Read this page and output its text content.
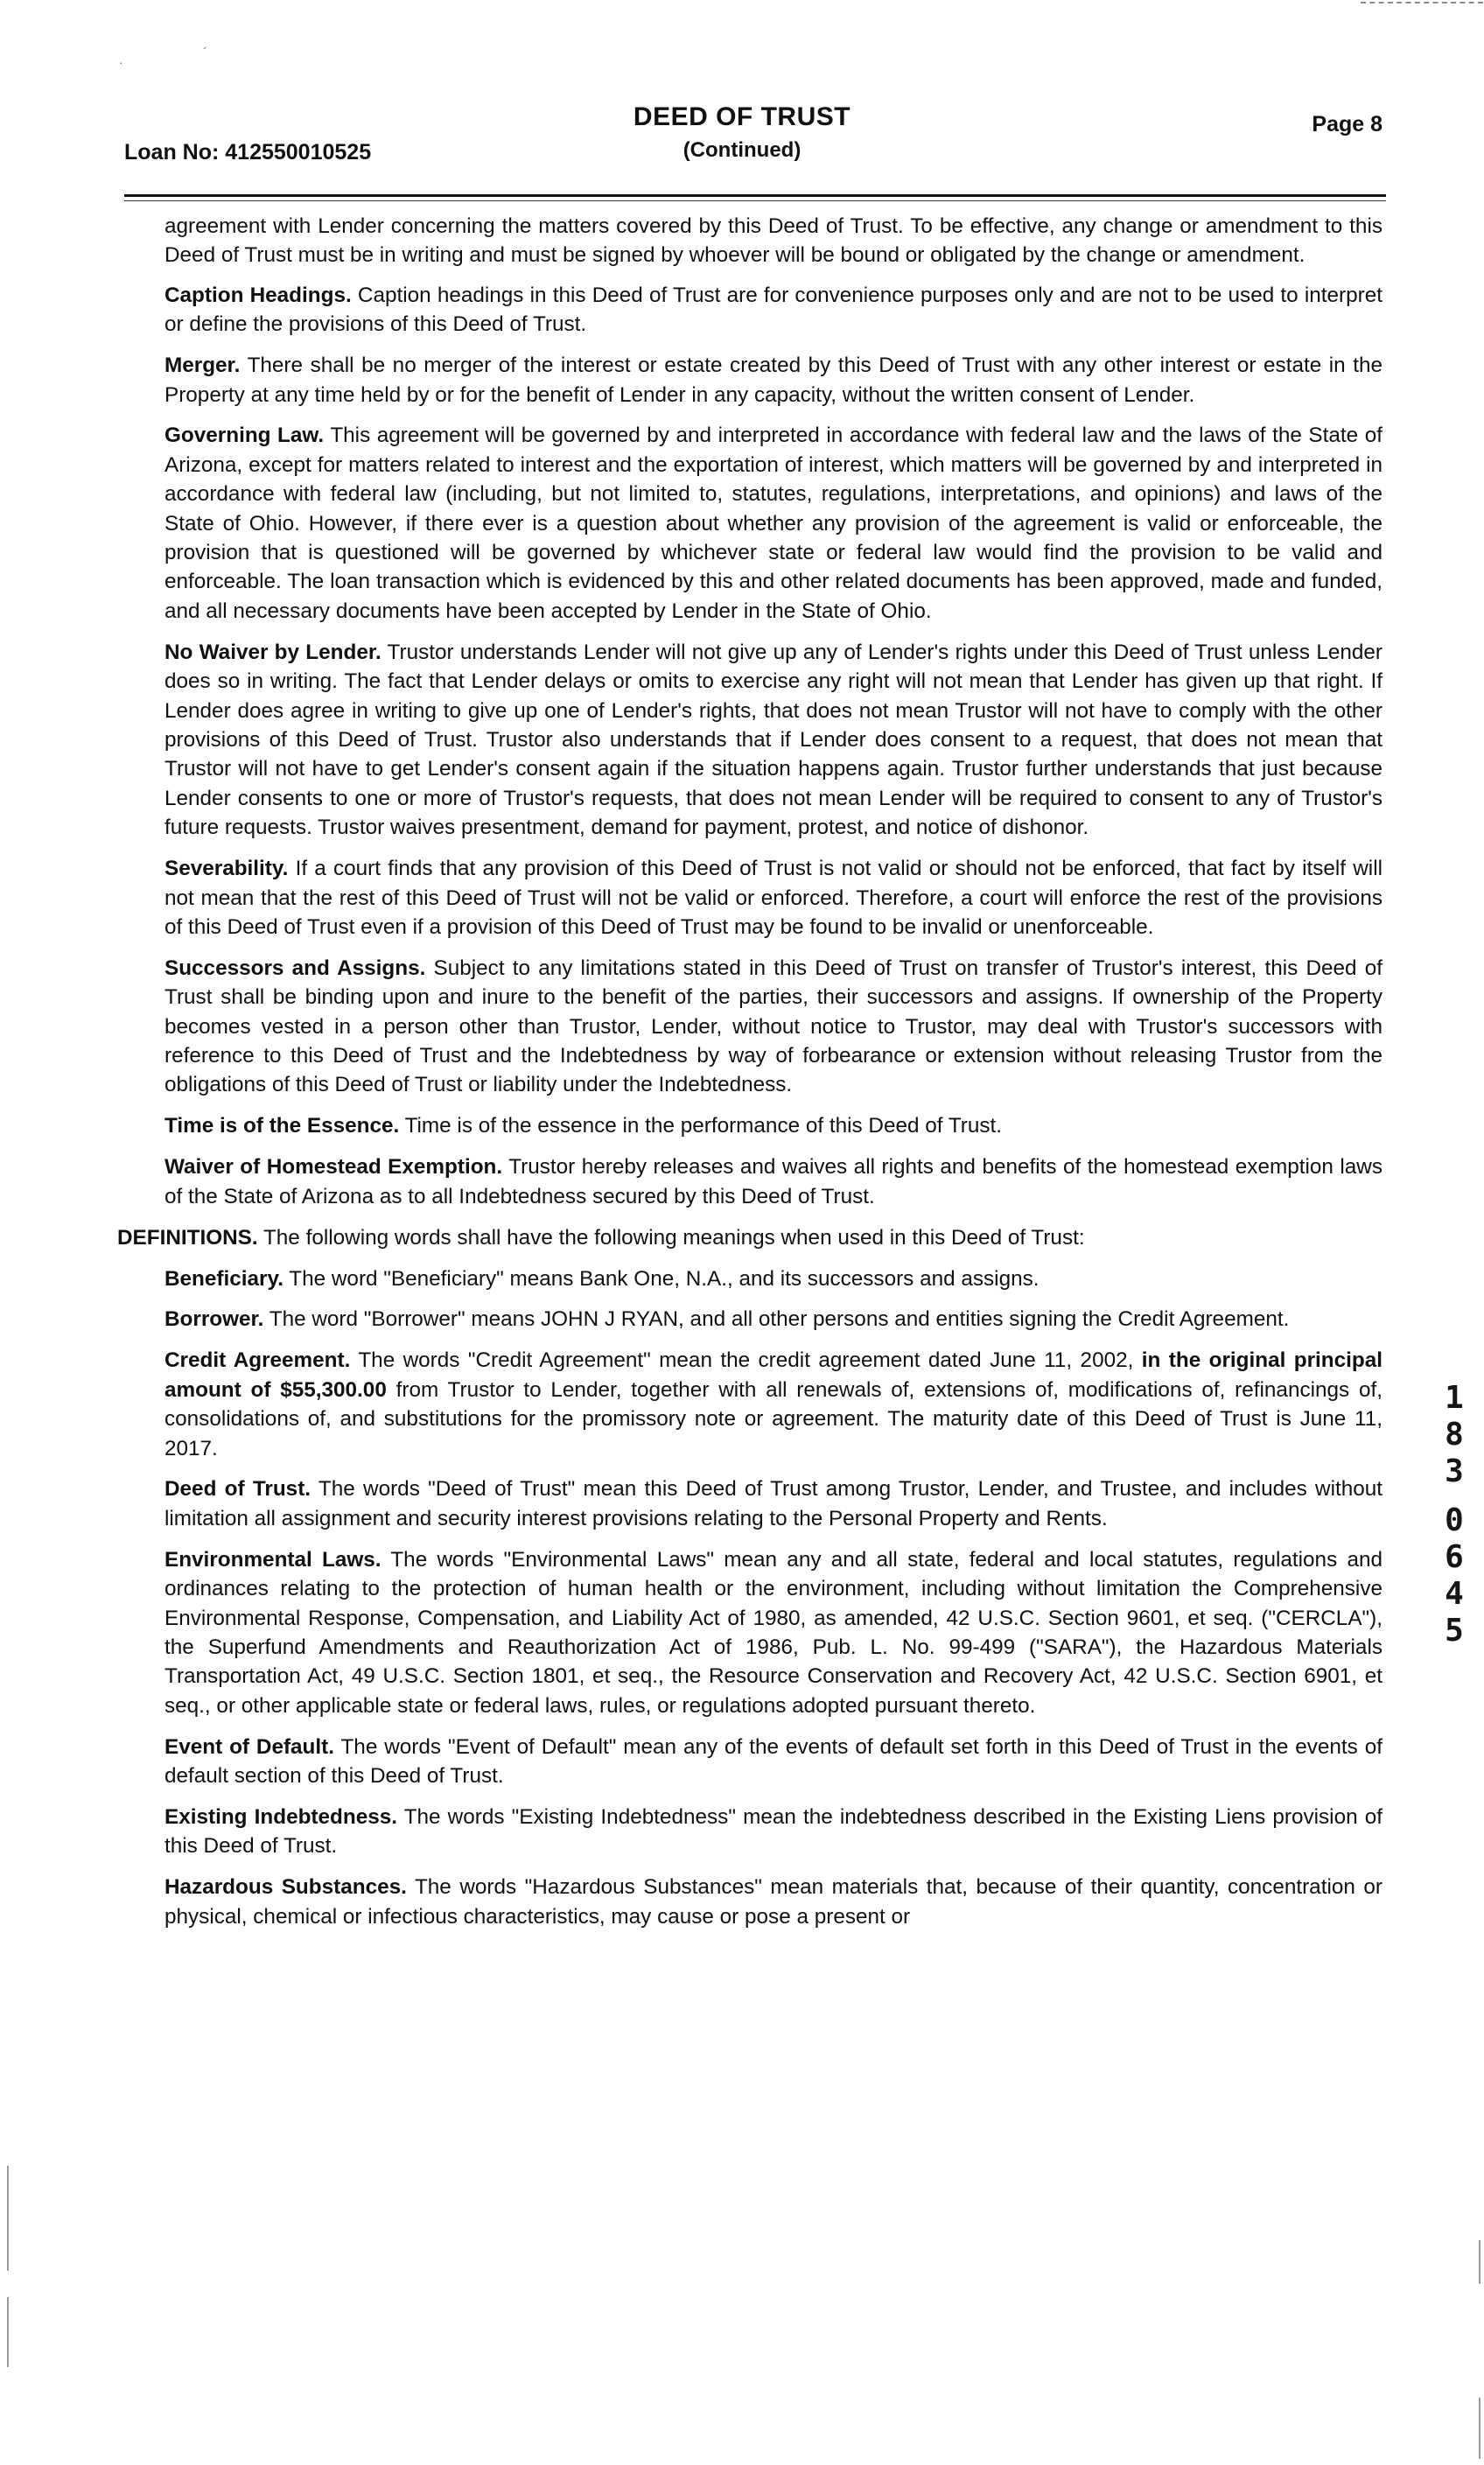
·
´
DEED OF TRUST
(Continued)
Loan No: 412550010525
Page 8

agreement with Lender concerning the matters covered by this Deed of Trust. To be effective, any change or amendment to this Deed of Trust must be in writing and must be signed by whoever will be bound or obligated by the change or amendment.

Caption Headings. Caption headings in this Deed of Trust are for convenience purposes only and are not to be used to interpret or define the provisions of this Deed of Trust.

Merger. There shall be no merger of the interest or estate created by this Deed of Trust with any other interest or estate in the Property at any time held by or for the benefit of Lender in any capacity, without the written consent of Lender.

Governing Law. This agreement will be governed by and interpreted in accordance with federal law and the laws of the State of Arizona, except for matters related to interest and the exportation of interest, which matters will be governed by and interpreted in accordance with federal law (including, but not limited to, statutes, regulations, interpretations, and opinions) and laws of the State of Ohio. However, if there ever is a question about whether any provision of the agreement is valid or enforceable, the provision that is questioned will be governed by whichever state or federal law would find the provision to be valid and enforceable. The loan transaction which is evidenced by this and other related documents has been approved, made and funded, and all necessary documents have been accepted by Lender in the State of Ohio.

No Waiver by Lender. Trustor understands Lender will not give up any of Lender's rights under this Deed of Trust unless Lender does so in writing. The fact that Lender delays or omits to exercise any right will not mean that Lender has given up that right. If Lender does agree in writing to give up one of Lender's rights, that does not mean Trustor will not have to comply with the other provisions of this Deed of Trust. Trustor also understands that if Lender does consent to a request, that does not mean that Trustor will not have to get Lender's consent again if the situation happens again. Trustor further understands that just because Lender consents to one or more of Trustor's requests, that does not mean Lender will be required to consent to any of Trustor's future requests. Trustor waives presentment, demand for payment, protest, and notice of dishonor.

Severability. If a court finds that any provision of this Deed of Trust is not valid or should not be enforced, that fact by itself will not mean that the rest of this Deed of Trust will not be valid or enforced. Therefore, a court will enforce the rest of the provisions of this Deed of Trust even if a provision of this Deed of Trust may be found to be invalid or unenforceable.

Successors and Assigns. Subject to any limitations stated in this Deed of Trust on transfer of Trustor's interest, this Deed of Trust shall be binding upon and inure to the benefit of the parties, their successors and assigns. If ownership of the Property becomes vested in a person other than Trustor, Lender, without notice to Trustor, may deal with Trustor's successors with reference to this Deed of Trust and the Indebtedness by way of forbearance or extension without releasing Trustor from the obligations of this Deed of Trust or liability under the Indebtedness.

Time is of the Essence. Time is of the essence in the performance of this Deed of Trust.

Waiver of Homestead Exemption. Trustor hereby releases and waives all rights and benefits of the homestead exemption laws of the State of Arizona as to all Indebtedness secured by this Deed of Trust.

DEFINITIONS. The following words shall have the following meanings when used in this Deed of Trust:

Beneficiary. The word "Beneficiary" means Bank One, N.A., and its successors and assigns.

Borrower. The word "Borrower" means JOHN J RYAN, and all other persons and entities signing the Credit Agreement.

Credit Agreement. The words "Credit Agreement" mean the credit agreement dated June 11, 2002, in the original principal amount of $55,300.00 from Trustor to Lender, together with all renewals of, extensions of, modifications of, refinancings of, consolidations of, and substitutions for the promissory note or agreement. The maturity date of this Deed of Trust is June 11, 2017.

Deed of Trust. The words "Deed of Trust" mean this Deed of Trust among Trustor, Lender, and Trustee, and includes without limitation all assignment and security interest provisions relating to the Personal Property and Rents.

Environmental Laws. The words "Environmental Laws" mean any and all state, federal and local statutes, regulations and ordinances relating to the protection of human health or the environment, including without limitation the Comprehensive Environmental Response, Compensation, and Liability Act of 1980, as amended, 42 U.S.C. Section 9601, et seq. ("CERCLA"), the Superfund Amendments and Reauthorization Act of 1986, Pub. L. No. 99-499 ("SARA"), the Hazardous Materials Transportation Act, 49 U.S.C. Section 1801, et seq., the Resource Conservation and Recovery Act, 42 U.S.C. Section 6901, et seq., or other applicable state or federal laws, rules, or regulations adopted pursuant thereto.

Event of Default. The words "Event of Default" mean any of the events of default set forth in this Deed of Trust in the events of default section of this Deed of Trust.

Existing Indebtedness. The words "Existing Indebtedness" mean the indebtedness described in the Existing Liens provision of this Deed of Trust.

Hazardous Substances. The words "Hazardous Substances" mean materials that, because of their quantity, concentration or physical, chemical or infectious characteristics, may cause or pose a present or

1
8
3
0
6
4
5
